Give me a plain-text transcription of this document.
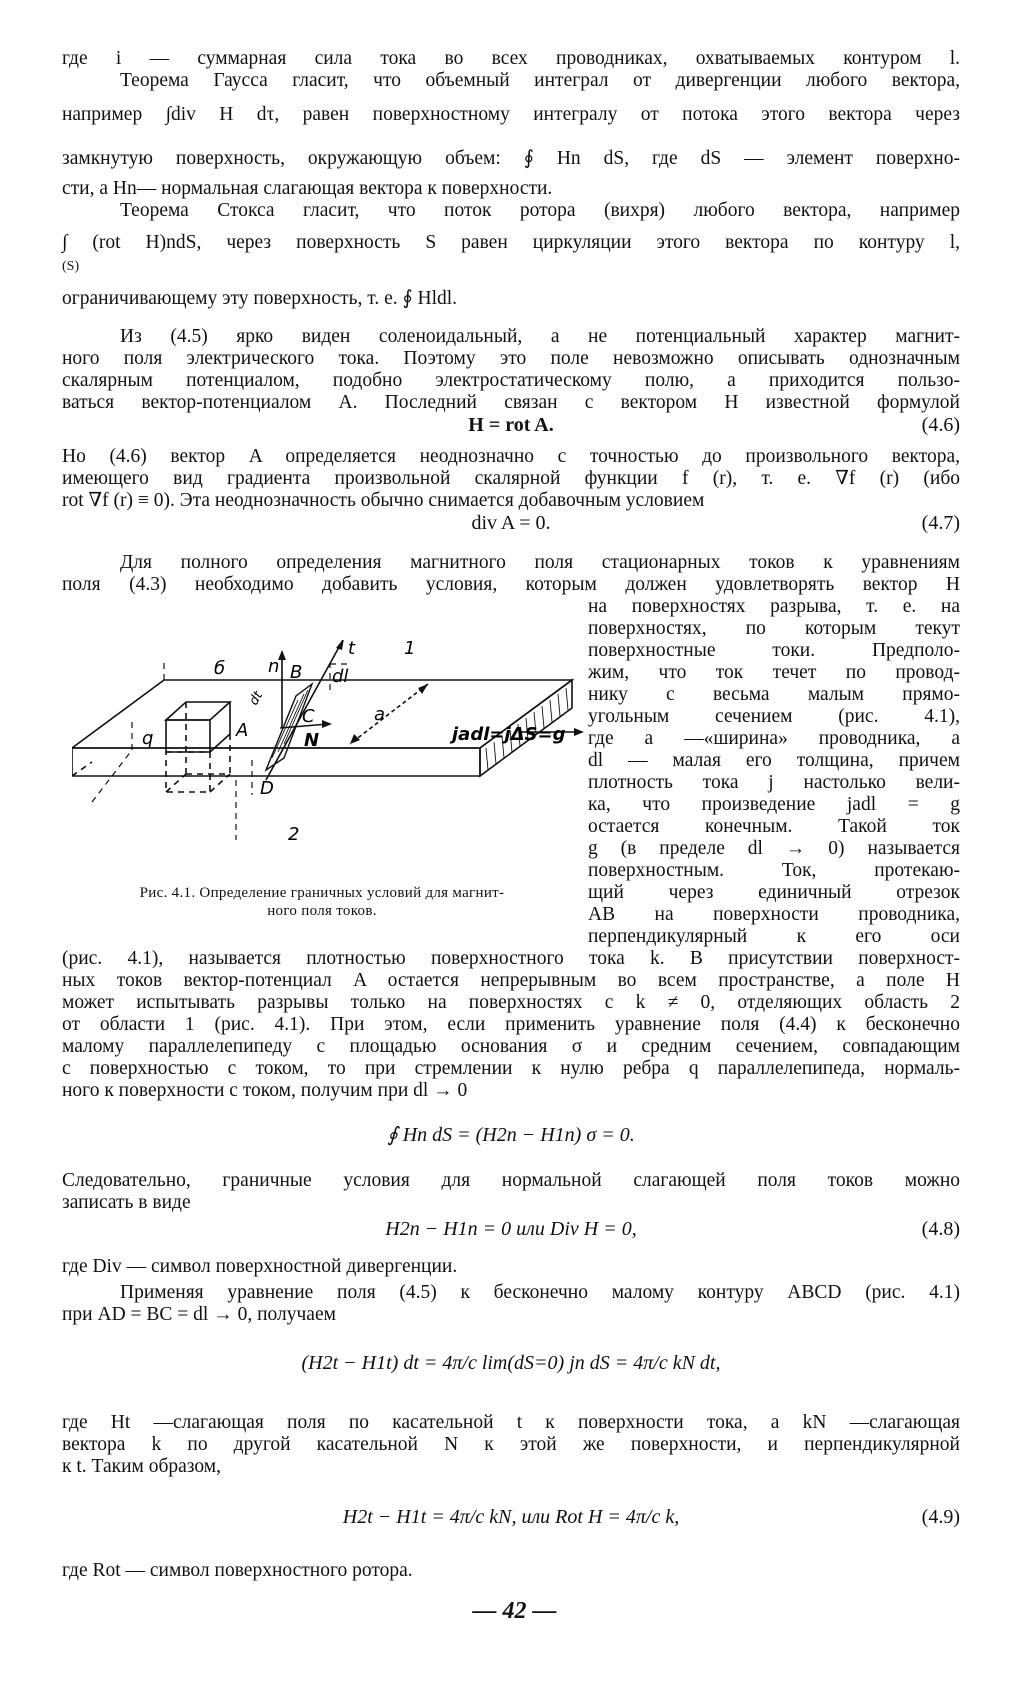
где i — суммарная сила тока во всех проводниках, охватываемых контуром l.
Теорема Гаусса гласит, что объемный интеграл от дивергенции любого вектора,
например ∫div H dτ, равен поверхностному интегралу от потока этого вектора через
замкнутую поверхность, окружающую объем: ∮ Hn dS, где dS — элемент поверхно-
сти, а Hn— нормальная слагающая вектора к поверхности.
Теорема Стокса гласит, что поток ротора (вихря) любого вектора, например
∫ (rot H)ndS, через поверхность S равен циркуляции этого вектора по контуру l,
(S)
ограничивающему эту поверхность, т. е. ∮ Hldl.
Из (4.5) ярко виден соленоидальный, а не потенциальный характер магнит-
ного поля электрического тока. Поэтому это поле невозможно описывать однозначным
скалярным потенциалом, подобно электростатическому полю, а приходится пользо-
ваться вектор-потенциалом A. Последний связан с вектором H известной формулой
H = rot A.	(4.6)
Но (4.6) вектор A определяется неоднозначно с точностью до произвольного вектора,
имеющего вид градиента произвольной скалярной функции f (r), т. е. ∇f (r) (ибо
rot ∇f (r) ≡ 0). Эта неоднозначность обычно снимается добавочным условием
div A = 0.	(4.7)
Для полного определения магнитного поля стационарных токов к уравнениям
поля (4.3) необходимо добавить условия, которым должен удовлетворять вектор H
на поверхностях разрыва, т. е. на
поверхностях, по которым текут
поверхностные токи. Предполо-
жим, что ток течет по провод-
нику с весьма малым прямо-
угольным сечением (рис. 4.1),
где a —«ширина» проводника, а
dl — малая его толщина, причем
плотность тока j настолько вели-
ка, что произведение jadl = g
остается конечным. Такой ток
g (в пределе dl → 0) называется
поверхностным. Ток, протекаю-
щий через единичный отрезок
AB на поверхности проводника,
перпендикулярный к его оси
t	1
2
б n B dl
a
dt
A
C
N
D
q	jadl=jΔS=g
Рис. 4.1. Определение граничных условий для магнит-
ного поля токов.
(рис. 4.1), называется плотностью поверхностного тока k. В присутствии поверхност-
ных токов вектор-потенциал A остается непрерывным во всем пространстве, а поле H
может испытывать разрывы только на поверхностях с k ≠ 0, отделяющих область 2
от области 1 (рис. 4.1). При этом, если применить уравнение поля (4.4) к бесконечно
малому параллелепипеду с площадью основания σ и средним сечением, совпадающим
с поверхностью с током, то при стремлении к нулю ребра q параллелепипеда, нормаль-
ного к поверхности с током, получим при dl → 0
∮ Hn dS = (H2n − H1n) σ = 0.
Следовательно, граничные условия для нормальной слагающей поля токов можно
записать в виде
H2n − H1n = 0 или Div H = 0,	(4.8)
где Div — символ поверхностной дивергенции.
Применяя уравнение поля (4.5) к бесконечно малому контуру ABCD (рис. 4.1)
при AD = BC = dl → 0, получаем
(H2t − H1t) dt = 4π/c lim(dS=0) jn dS = 4π/c kN dt,
где Ht —слагающая поля по касательной t к поверхности тока, а kN —слагающая
вектора k по другой касательной N к этой же поверхности, и перпендикулярной
к t. Таким образом,
H2t − H1t = 4π/c kN, или Rot H = 4π/c k,	(4.9)
где Rot — символ поверхностного ротора.
— 42 —
